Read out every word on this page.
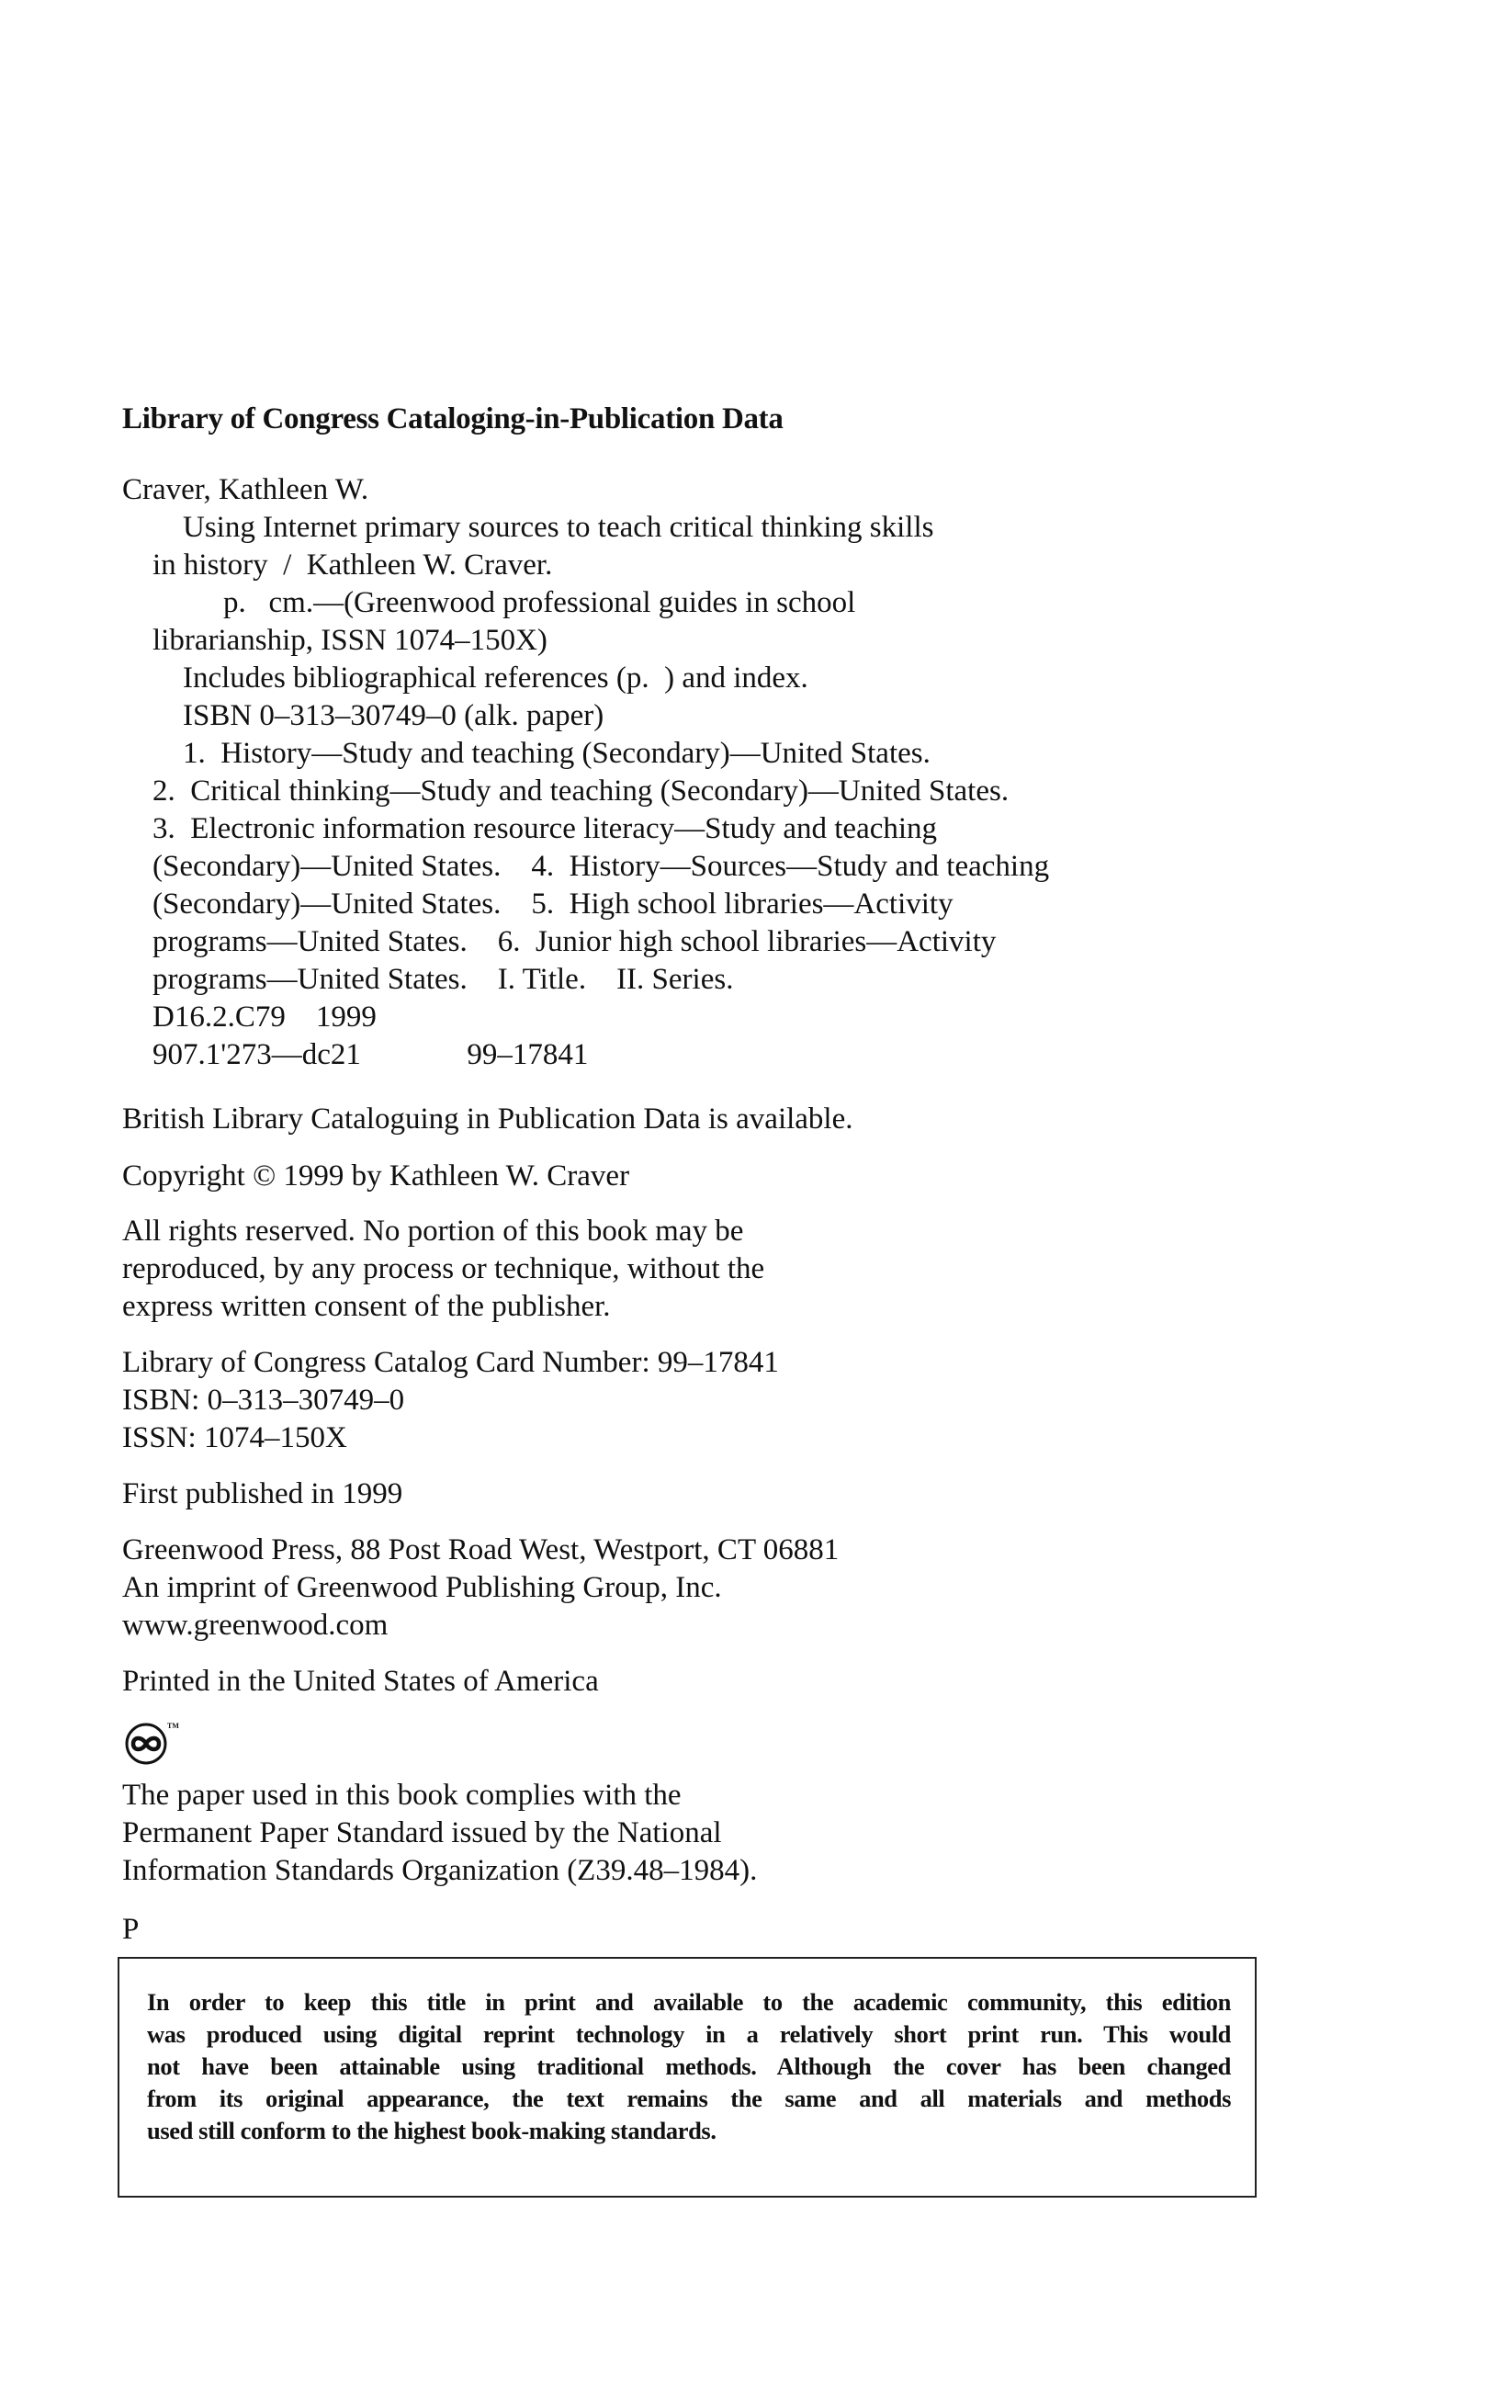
Library of Congress Cataloging-in-Publication Data
Craver, Kathleen W.
Using Internet primary sources to teach critical thinking skills
in history  /  Kathleen W. Craver.
p.   cm.—(Greenwood professional guides in school
librarianship, ISSN 1074–150X)
Includes bibliographical references (p.  ) and index.
ISBN 0–313–30749–0 (alk. paper)
1.  History—Study and teaching (Secondary)—United States.
2.  Critical thinking—Study and teaching (Secondary)—United States.
3.  Electronic information resource literacy—Study and teaching
(Secondary)—United States.    4.  History—Sources—Study and teaching
(Secondary)—United States.    5.  High school libraries—Activity
programs—United States.    6.  Junior high school libraries—Activity
programs—United States.    I. Title.    II. Series.
D16.2.C79    1999
907.1'273—dc21              99–17841
British Library Cataloguing in Publication Data is available.
Copyright © 1999 by Kathleen W. Craver
All rights reserved. No portion of this book may be
reproduced, by any process or technique, without the
express written consent of the publisher.
Library of Congress Catalog Card Number: 99–17841
ISBN: 0–313–30749–0
ISSN: 1074–150X
First published in 1999
Greenwood Press, 88 Post Road West, Westport, CT 06881
An imprint of Greenwood Publishing Group, Inc.
www.greenwood.com
Printed in the United States of America
TM
The paper used in this book complies with the
Permanent Paper Standard issued by the National
Information Standards Organization (Z39.48–1984).
P
In order to keep this title in print and available to the academic community, this edition
was produced using digital reprint technology in a relatively short print run. This would
not have been attainable using traditional methods. Although the cover has been changed
from its original appearance, the text remains the same and all materials and methods
used still conform to the highest book-making standards.
